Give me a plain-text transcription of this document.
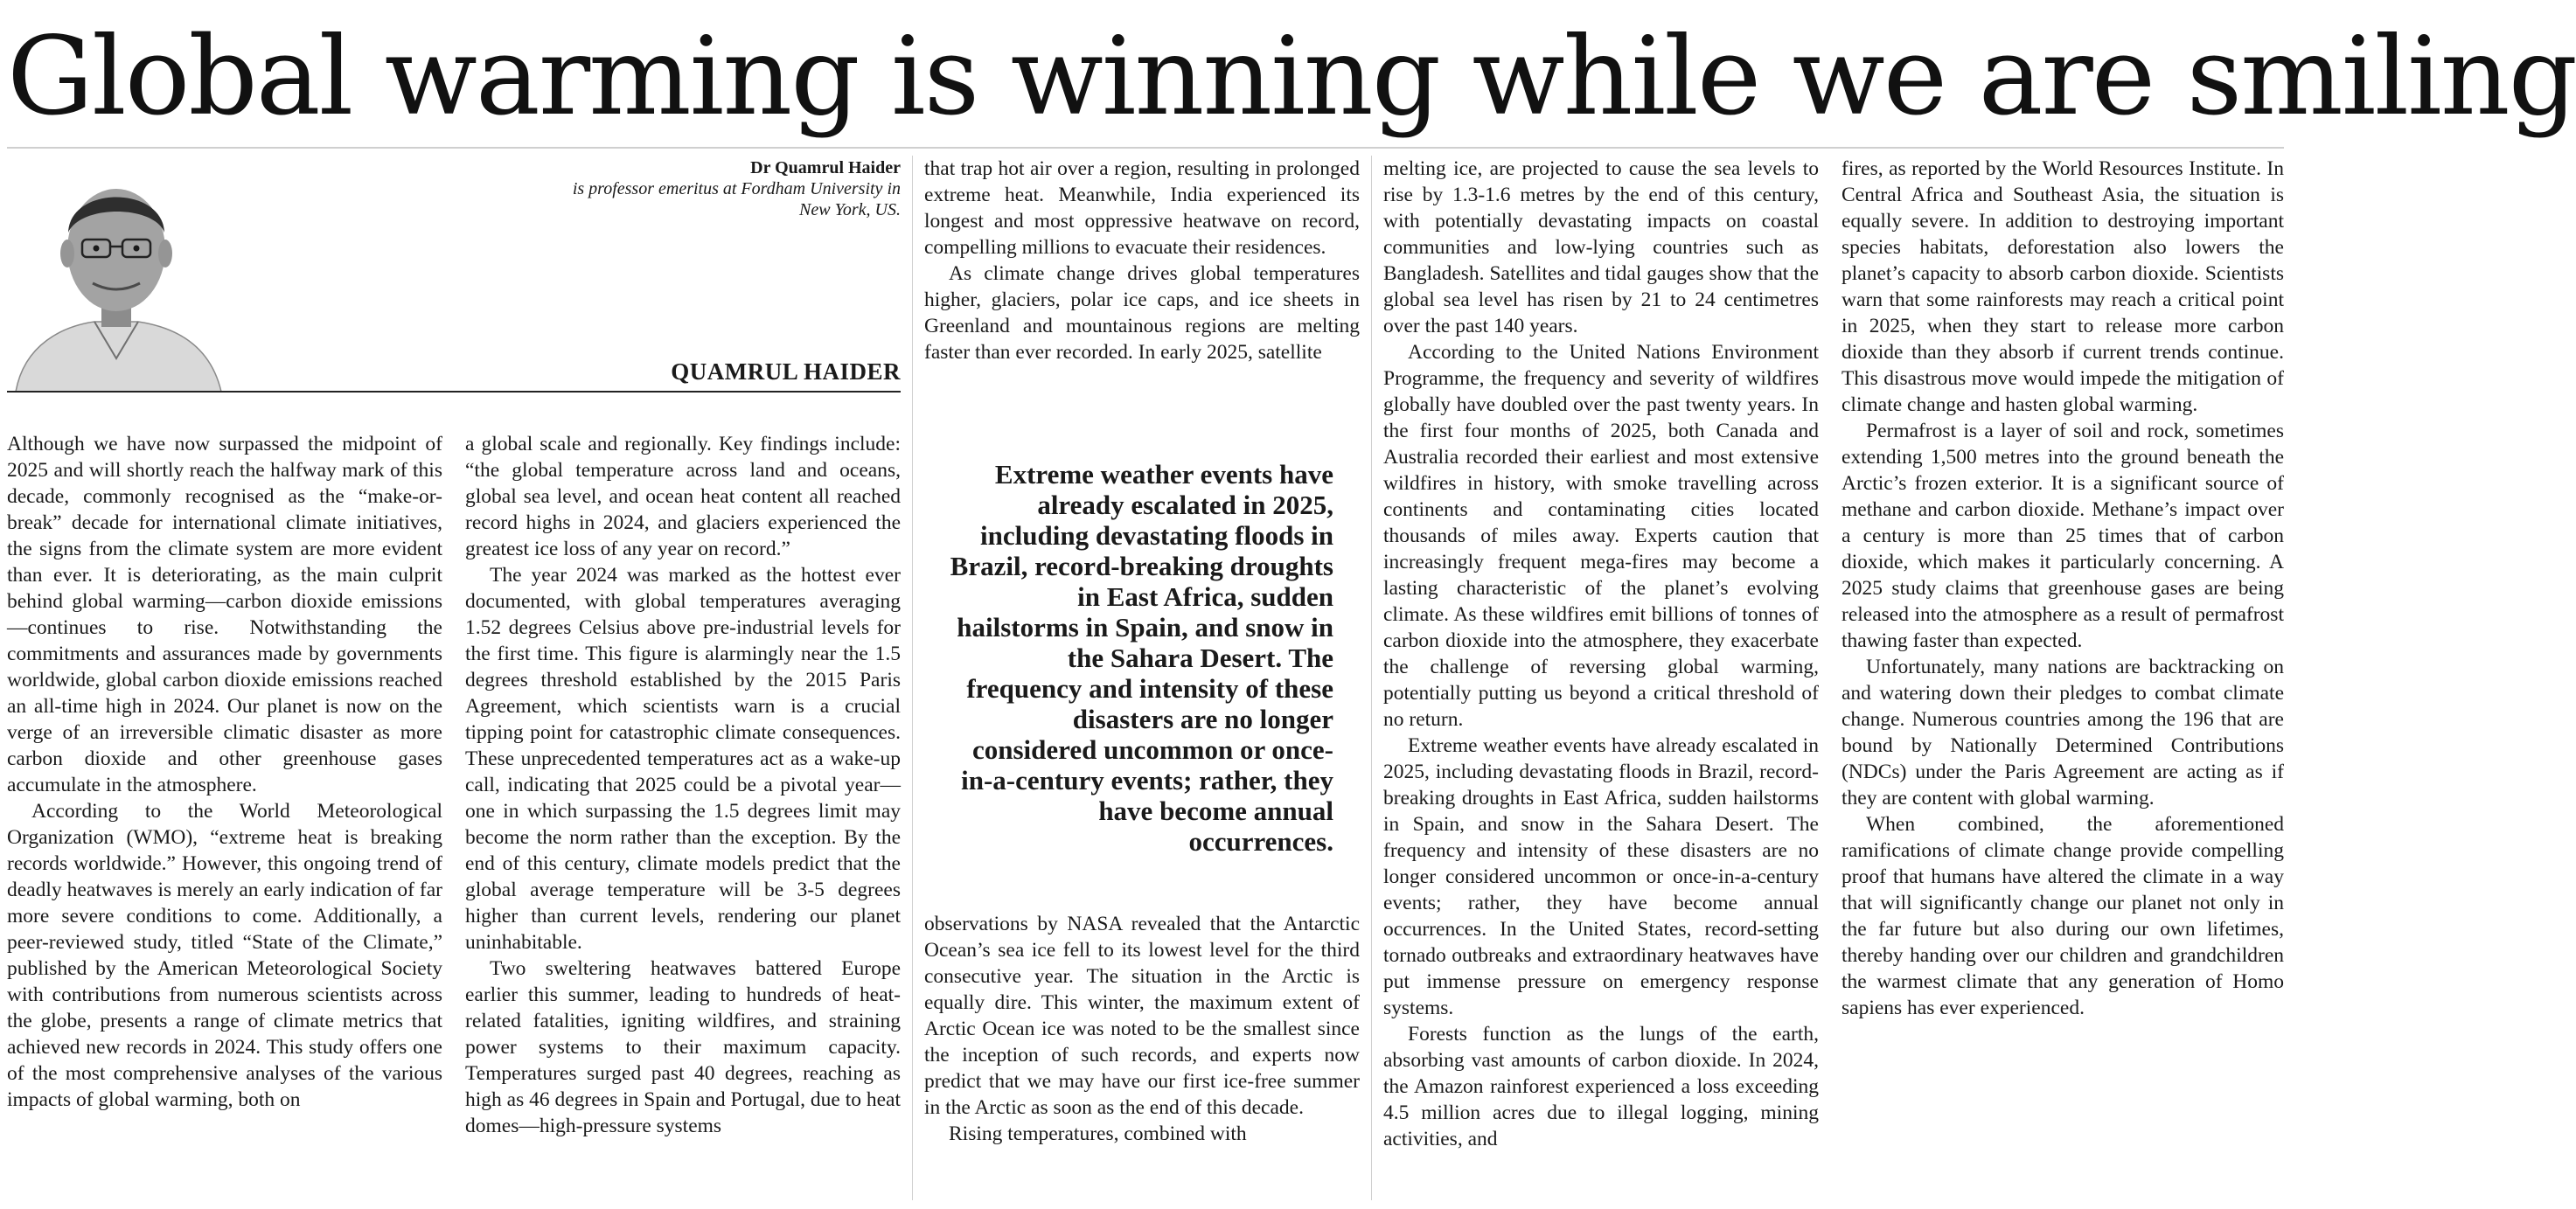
Global warming is winning while we are smiling
Dr Quamrul Haider
is professor emeritus at Fordham University in New York, US.
QUAMRUL HAIDER

Although we have now surpassed the midpoint of 2025 and will shortly reach the halfway mark of this decade, commonly recognised as the “make-or-break” decade for international climate initiatives, the signs from the climate system are more evident than ever. It is deteriorating, as the main culprit behind global warming—carbon dioxide emissions—continues to rise. Notwithstanding the commitments and assurances made by governments worldwide, global carbon dioxide emissions reached an all-time high in 2024. Our planet is now on the verge of an irreversible climatic disaster as more carbon dioxide and other greenhouse gases accumulate in the atmosphere.

According to the World Meteorological Organization (WMO), “extreme heat is breaking records worldwide.” However, this ongoing trend of deadly heatwaves is merely an early indication of far more severe conditions to come. Additionally, a peer-reviewed study, titled “State of the Climate,” published by the American Meteorological Society with contributions from numerous scientists across the globe, presents a range of climate metrics that achieved new records in 2024. This study offers one of the most comprehensive analyses of the various impacts of global warming, both on

a global scale and regionally. Key findings include: “the global temperature across land and oceans, global sea level, and ocean heat content all reached record highs in 2024, and glaciers experienced the greatest ice loss of any year on record.”

The year 2024 was marked as the hottest ever documented, with global temperatures averaging 1.52 degrees Celsius above pre-industrial levels for the first time. This figure is alarmingly near the 1.5 degrees threshold established by the 2015 Paris Agreement, which scientists warn is a crucial tipping point for catastrophic climate consequences. These unprecedented temperatures act as a wake-up call, indicating that 2025 could be a pivotal year—one in which surpassing the 1.5 degrees limit may become the norm rather than the exception. By the end of this century, climate models predict that the global average temperature will be 3-5 degrees higher than current levels, rendering our planet uninhabitable.

Two sweltering heatwaves battered Europe earlier this summer, leading to hundreds of heat-related fatalities, igniting wildfires, and straining power systems to their maximum capacity. Temperatures surged past 40 degrees, reaching as high as 46 degrees in Spain and Portugal, due to heat domes—high-pressure systems

that trap hot air over a region, resulting in prolonged extreme heat. Meanwhile, India experienced its longest and most oppressive heatwave on record, compelling millions to evacuate their residences.

As climate change drives global temperatures higher, glaciers, polar ice caps, and ice sheets in Greenland and mountainous regions are melting faster than ever recorded. In early 2025, satellite

Extreme weather events have already escalated in 2025, including devastating floods in Brazil, record-breaking droughts in East Africa, sudden hailstorms in Spain, and snow in the Sahara Desert. The frequency and intensity of these disasters are no longer considered uncommon or once-in-a-century events; rather, they have become annual occurrences.

observations by NASA revealed that the Antarctic Ocean’s sea ice fell to its lowest level for the third consecutive year. The situation in the Arctic is equally dire. This winter, the maximum extent of Arctic Ocean ice was noted to be the smallest since the inception of such records, and experts now predict that we may have our first ice-free summer in the Arctic as soon as the end of this decade.

Rising temperatures, combined with

melting ice, are projected to cause the sea levels to rise by 1.3-1.6 metres by the end of this century, with potentially devastating impacts on coastal communities and low-lying countries such as Bangladesh. Satellites and tidal gauges show that the global sea level has risen by 21 to 24 centimetres over the past 140 years.

According to the United Nations Environment Programme, the frequency and severity of wildfires globally have doubled over the past twenty years. In the first four months of 2025, both Canada and Australia recorded their earliest and most extensive wildfires in history, with smoke travelling across continents and contaminating cities located thousands of miles away. Experts caution that increasingly frequent mega-fires may become a lasting characteristic of the planet’s evolving climate. As these wildfires emit billions of tonnes of carbon dioxide into the atmosphere, they exacerbate the challenge of reversing global warming, potentially putting us beyond a critical threshold of no return.

Extreme weather events have already escalated in 2025, including devastating floods in Brazil, record-breaking droughts in East Africa, sudden hailstorms in Spain, and snow in the Sahara Desert. The frequency and intensity of these disasters are no longer considered uncommon or once-in-a-century events; rather, they have become annual occurrences. In the United States, record-setting tornado outbreaks and extraordinary heatwaves have put immense pressure on emergency response systems.

Forests function as the lungs of the earth, absorbing vast amounts of carbon dioxide. In 2024, the Amazon rainforest experienced a loss exceeding 4.5 million acres due to illegal logging, mining activities, and

fires, as reported by the World Resources Institute. In Central Africa and Southeast Asia, the situation is equally severe. In addition to destroying important species habitats, deforestation also lowers the planet’s capacity to absorb carbon dioxide. Scientists warn that some rainforests may reach a critical point in 2025, when they start to release more carbon dioxide than they absorb if current trends continue. This disastrous move would impede the mitigation of climate change and hasten global warming.

Permafrost is a layer of soil and rock, sometimes extending 1,500 metres into the ground beneath the Arctic’s frozen exterior. It is a significant source of methane and carbon dioxide. Methane’s impact over a century is more than 25 times that of carbon dioxide, which makes it particularly concerning. A 2025 study claims that greenhouse gases are being released into the atmosphere as a result of permafrost thawing faster than expected.

Unfortunately, many nations are backtracking on and watering down their pledges to combat climate change. Numerous countries among the 196 that are bound by Nationally Determined Contributions (NDCs) under the Paris Agreement are acting as if they are content with global warming.

When combined, the aforementioned ramifications of climate change provide compelling proof that humans have altered the climate in a way that will significantly change our planet not only in the far future but also during our own lifetimes, thereby handing over our children and grandchildren the warmest climate that any generation of Homo sapiens has ever experienced.
